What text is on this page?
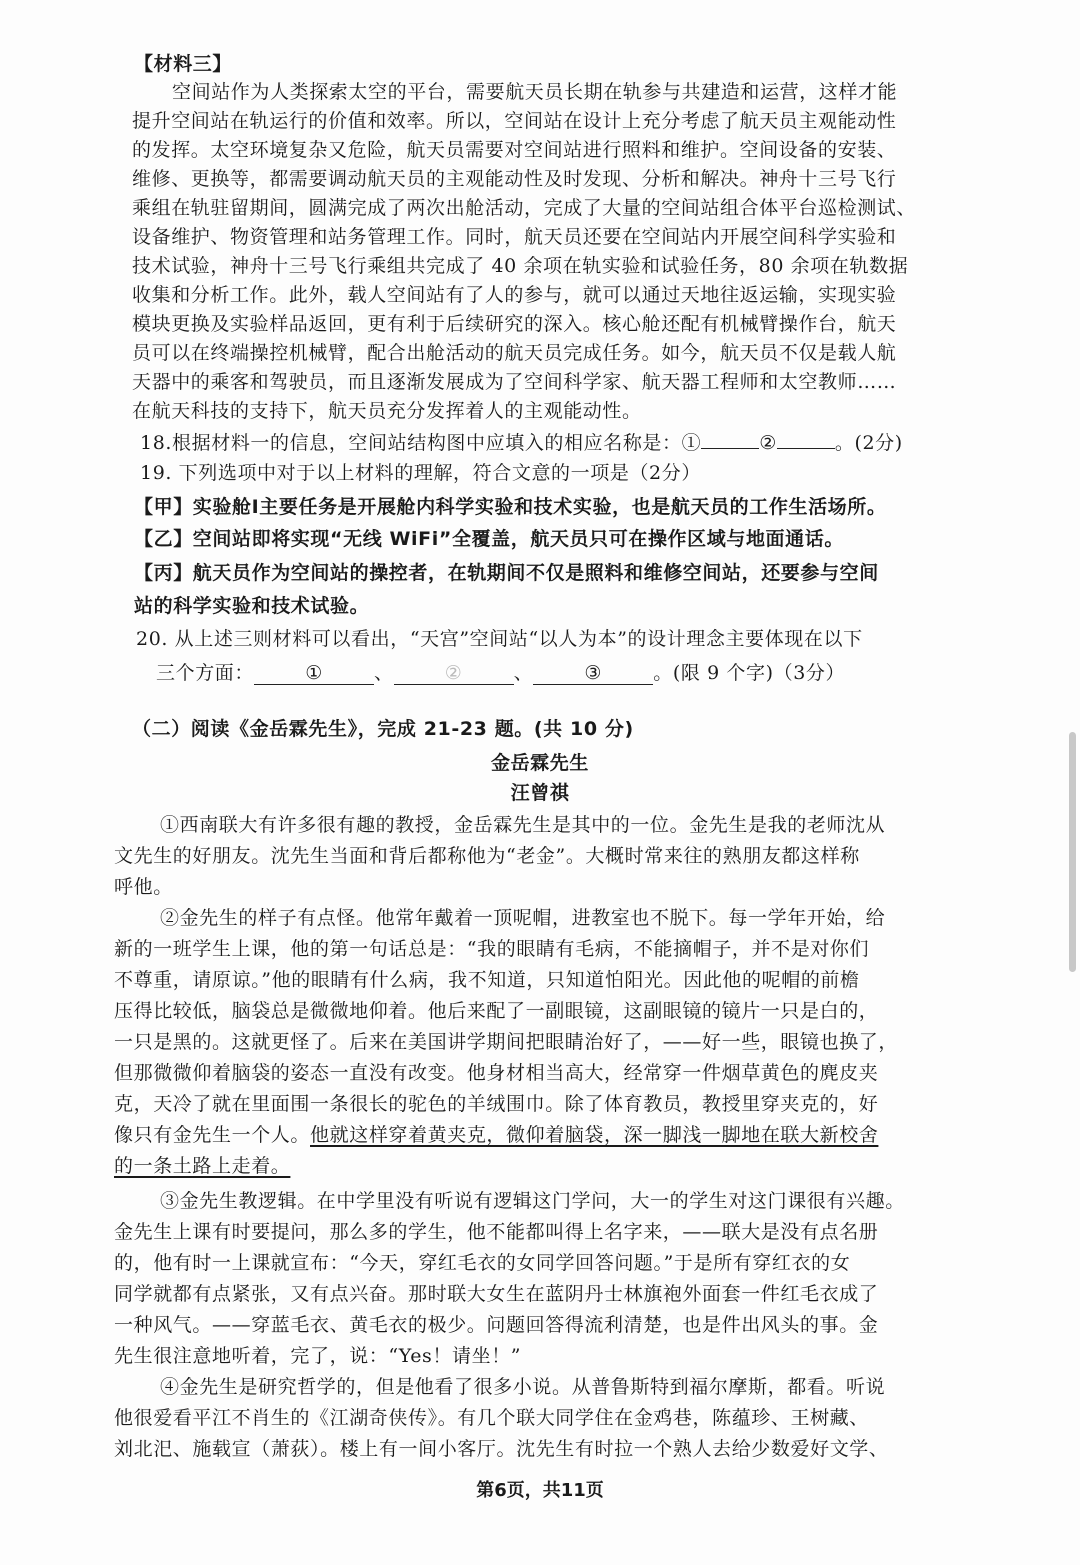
【材料三】
空间站作为人类探索太空的平台，需要航天员长期在轨参与共建造和运营，这样才能
提升空间站在轨运行的价值和效率。所以，空间站在设计上充分考虑了航天员主观能动性
的发挥。太空环境复杂又危险，航天员需要对空间站进行照料和维护。空间设备的安装、
维修、更换等，都需要调动航天员的主观能动性及时发现、分析和解决。神舟十三号飞行
乘组在轨驻留期间，圆满完成了两次出舱活动，完成了大量的空间站组合体平台巡检测试、
设备维护、物资管理和站务管理工作。同时，航天员还要在空间站内开展空间科学实验和
技术试验，神舟十三号飞行乘组共完成了 40 余项在轨实验和试验任务，80 余项在轨数据
收集和分析工作。此外，载人空间站有了人的参与，就可以通过天地往返运输，实现实验
模块更换及实验样品返回，更有利于后续研究的深入。核心舱还配有机械臂操作台，航天
员可以在终端操控机械臂，配合出舱活动的航天员完成任务。如今，航天员不仅是载人航
天器中的乘客和驾驶员，而且逐渐发展成为了空间科学家、航天器工程师和太空教师……
在航天科技的支持下，航天员充分发挥着人的主观能动性。
18.根据材料一的信息，空间站结构图中应填入的相应名称是：①	②	。(2分)
19. 下列选项中对于以上材料的理解，符合文意的一项是（2分）
【甲】实验舱Ⅰ主要任务是开展舱内科学实验和技术实验，也是航天员的工作生活场所。
【乙】空间站即将实现“无线 WiFi”全覆盖，航天员只可在操作区域与地面通话。
【丙】航天员作为空间站的操控者，在轨期间不仅是照料和维修空间站，还要参与空间
站的科学实验和技术试验。
20. 从上述三则材料可以看出，“天宫”空间站“以人为本”的设计理念主要体现在以下
三个方面：	①	、	②	、	③	。(限 9 个字)（3分）
（二）阅读《金岳霖先生》，完成 21-23 题。(共 10 分)
金岳霖先生
汪曾祺
①西南联大有许多很有趣的教授，金岳霖先生是其中的一位。金先生是我的老师沈从
文先生的好朋友。沈先生当面和背后都称他为“老金”。大概时常来往的熟朋友都这样称
呼他。
②金先生的样子有点怪。他常年戴着一顶呢帽，进教室也不脱下。每一学年开始，给
新的一班学生上课，他的第一句话总是：“我的眼睛有毛病，不能摘帽子，并不是对你们
不尊重，请原谅。”他的眼睛有什么病，我不知道，只知道怕阳光。因此他的呢帽的前檐
压得比较低，脑袋总是微微地仰着。他后来配了一副眼镜，这副眼镜的镜片一只是白的，
一只是黑的。这就更怪了。后来在美国讲学期间把眼睛治好了，——好一些，眼镜也换了，
但那微微仰着脑袋的姿态一直没有改变。他身材相当高大，经常穿一件烟草黄色的麂皮夹
克，天冷了就在里面围一条很长的驼色的羊绒围巾。除了体育教员，教授里穿夹克的，好
像只有金先生一个人。他就这样穿着黄夹克，微仰着脑袋，深一脚浅一脚地在联大新校舍
的一条土路上走着。
③金先生教逻辑。在中学里没有听说有逻辑这门学问，大一的学生对这门课很有兴趣。
金先生上课有时要提问，那么多的学生，他不能都叫得上名字来，——联大是没有点名册
的，他有时一上课就宣布：“今天，穿红毛衣的女同学回答问题。”于是所有穿红衣的女
同学就都有点紧张，又有点兴奋。那时联大女生在蓝阴丹士林旗袍外面套一件红毛衣成了
一种风气。——穿蓝毛衣、黄毛衣的极少。问题回答得流利清楚，也是件出风头的事。金
先生很注意地听着，完了，说：“Yes！请坐！”
④金先生是研究哲学的，但是他看了很多小说。从普鲁斯特到福尔摩斯，都看。听说
他很爱看平江不肖生的《江湖奇侠传》。有几个联大同学住在金鸡巷，陈蕴珍、王树藏、
刘北汜、施载宣（萧荻）。楼上有一间小客厅。沈先生有时拉一个熟人去给少数爱好文学、
第6页，共11页
